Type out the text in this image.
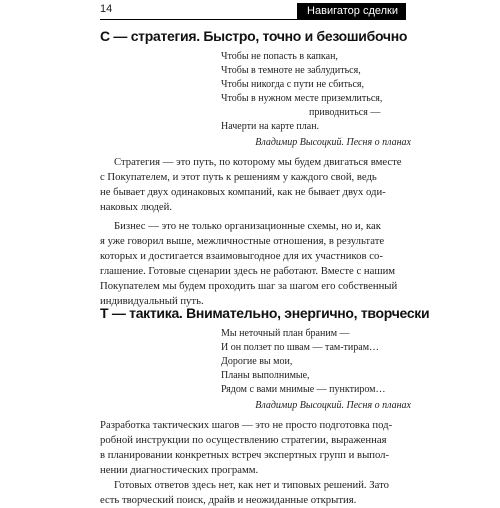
14	Навигатор сделки
С — стратегия. Быстро, точно и безошибочно
Чтобы не попасть в капкан,
Чтобы в темноте не заблудиться,
Чтобы никогда с пути не сбиться,
Чтобы в нужном месте приземлиться,
приводнитьcя —
Начерти на карте план.
Владимир Высоцкий. Песня о планах
Стратегия — это путь, по которому мы будем двигаться вместе
с Покупателем, и этот путь к решениям у каждого свой, ведь
не бывает двух одинаковых компаний, как не бывает двух оди-
наковых людей.
Бизнес — это не только организационные схемы, но и, как
я уже говорил выше, межличностные отношения, в результате
которых и достигается взаимовыгодное для их участников со-
глашение. Готовые сценарии здесь не работают. Вместе с нашим
Покупателем мы будем проходить шаг за шагом его собственный
индивидуальный путь.
Т — тактика. Внимательно, энергично, творчески
Мы неточный план браним —
И он ползет по швам — там-тирам…
Дорогие вы мои,
Планы выполнимые,
Рядом с вами мнимые — пунктиром…
Владимир Высоцкий. Песня о планах
Разработка тактических шагов — это не просто подготовка под-
робной инструкции по осуществлению стратегии, выраженная
в планировании конкретных встреч экспертных групп и выпол-
нении диагностических программ.
Готовых ответов здесь нет, как нет и типовых решений. Зато
есть творческий поиск, драйв и неожиданные открытия.
